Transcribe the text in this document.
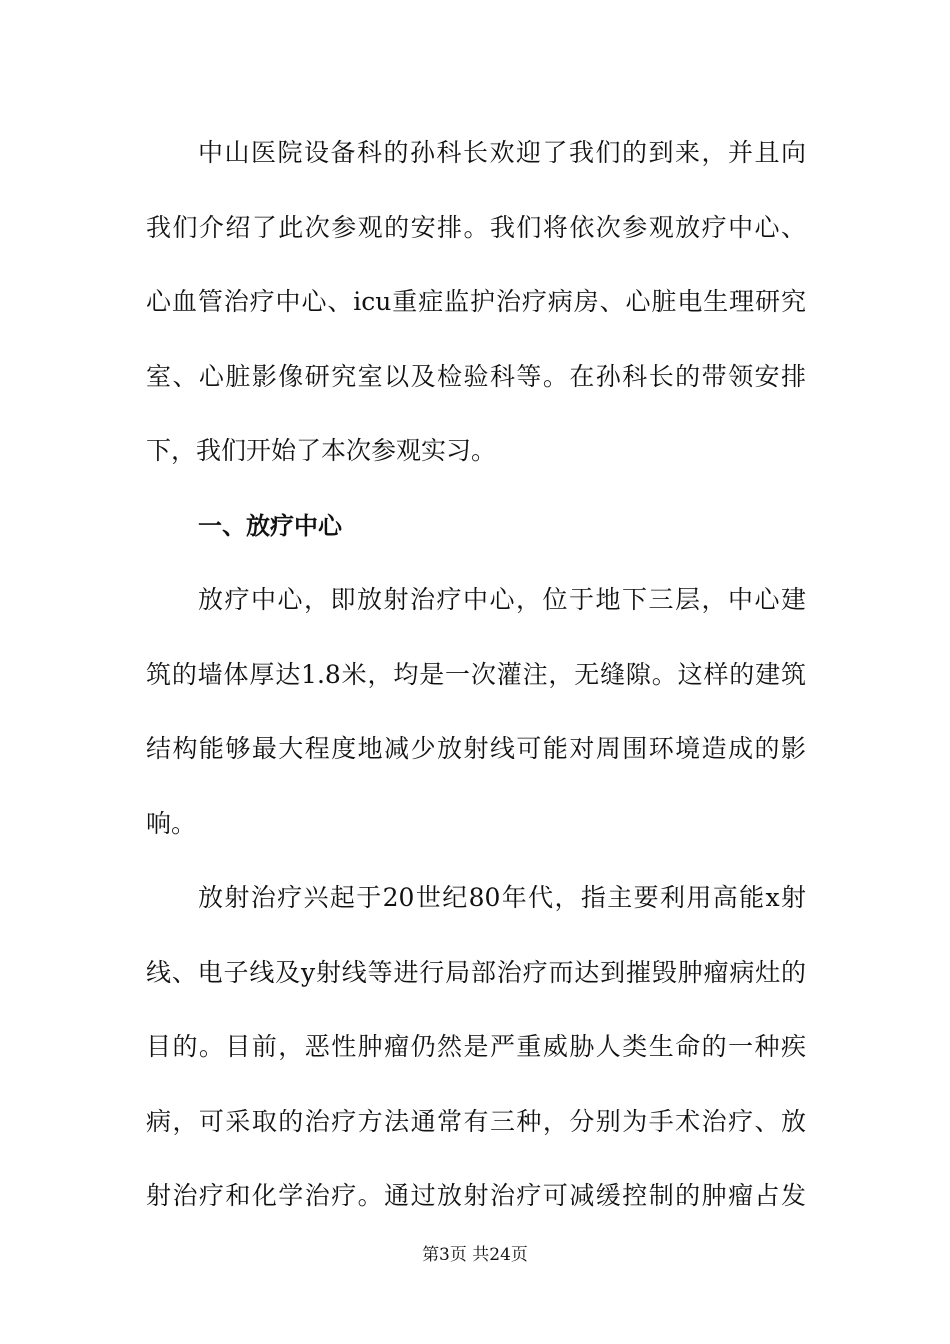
中山医院设备科的孙科长欢迎了我们的到来，并且向
我们介绍了此次参观的安排。我们将依次参观放疗中心、
心血管治疗中心、icu重症监护治疗病房、心脏电生理研究
室、心脏影像研究室以及检验科等。在孙科长的带领安排
下，我们开始了本次参观实习。
一、放疗中心
放疗中心，即放射治疗中心，位于地下三层，中心建
筑的墙体厚达1.8米，均是一次灌注，无缝隙。这样的建筑
结构能够最大程度地减少放射线可能对周围环境造成的影
响。
放射治疗兴起于20世纪80年代，指主要利用高能x射
线、电子线及y射线等进行局部治疗而达到摧毁肿瘤病灶的
目的。目前，恶性肿瘤仍然是严重威胁人类生命的一种疾
病，可采取的治疗方法通常有三种，分别为手术治疗、放
射治疗和化学治疗。通过放射治疗可减缓控制的肿瘤占发
第3页 共24页
